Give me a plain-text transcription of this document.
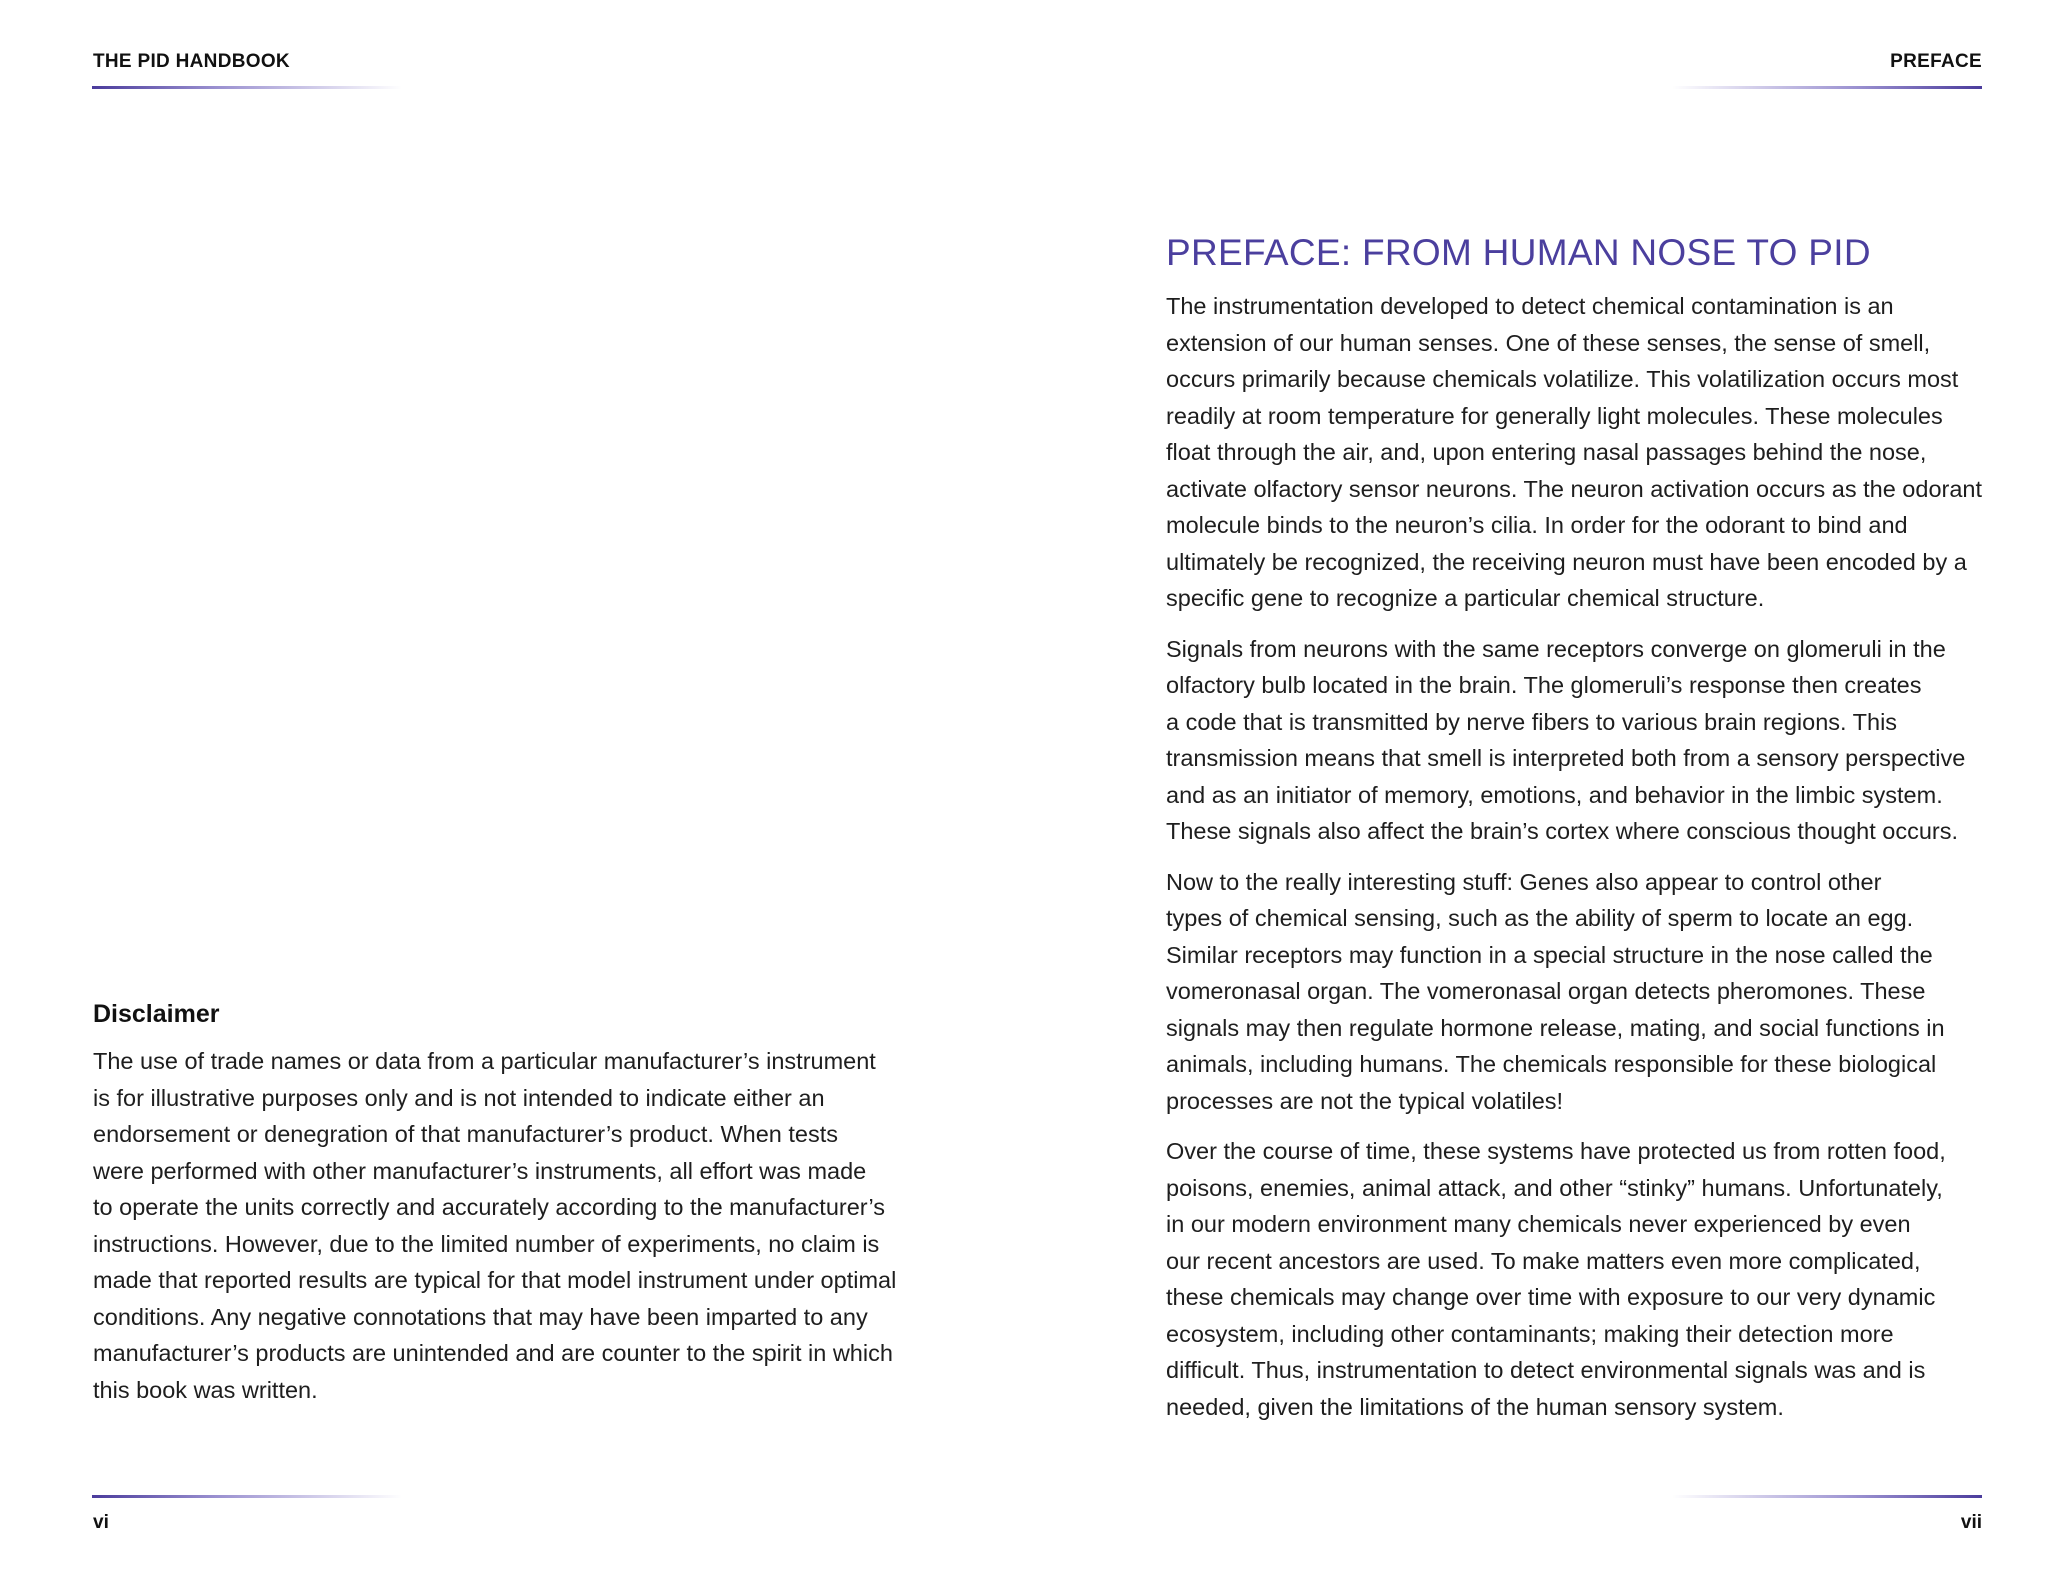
THE PID HANDBOOK
Disclaimer

The use of trade names or data from a particular manufacturer’s instrument
is for illustrative purposes only and is not intended to indicate either an
endorsement or denegration of that manufacturer’s product. When tests
were performed with other manufacturer’s instruments, all effort was made
to operate the units correctly and accurately according to the manufacturer’s
instructions. However, due to the limited number of experiments, no claim is
made that reported results are typical for that model instrument under optimal
conditions. Any negative connotations that may have been imparted to any
manufacturer’s products are unintended and are counter to the spirit in which
this book was written.

vi
PREFACE
PREFACE: FROM HUMAN NOSE TO PID

The instrumentation developed to detect chemical contamination is an
extension of our human senses. One of these senses, the sense of smell,
occurs primarily because chemicals volatilize. This volatilization occurs most
readily at room temperature for generally light molecules. These molecules
float through the air, and, upon entering nasal passages behind the nose,
activate olfactory sensor neurons. The neuron activation occurs as the odorant
molecule binds to the neuron’s cilia. In order for the odorant to bind and
ultimately be recognized, the receiving neuron must have been encoded by a
specific gene to recognize a particular chemical structure.

Signals from neurons with the same receptors converge on glomeruli in the
olfactory bulb located in the brain. The glomeruli’s response then creates
a code that is transmitted by nerve fibers to various brain regions. This
transmission means that smell is interpreted both from a sensory perspective
and as an initiator of memory, emotions, and behavior in the limbic system.
These signals also affect the brain’s cortex where conscious thought occurs.

Now to the really interesting stuff: Genes also appear to control other
types of chemical sensing, such as the ability of sperm to locate an egg.
Similar receptors may function in a special structure in the nose called the
vomeronasal organ. The vomeronasal organ detects pheromones. These
signals may then regulate hormone release, mating, and social functions in
animals, including humans. The chemicals responsible for these biological
processes are not the typical volatiles!

Over the course of time, these systems have protected us from rotten food,
poisons, enemies, animal attack, and other “stinky” humans. Unfortunately,
in our modern environment many chemicals never experienced by even
our recent ancestors are used. To make matters even more complicated,
these chemicals may change over time with exposure to our very dynamic
ecosystem, including other contaminants; making their detection more
difficult. Thus, instrumentation to detect environmental signals was and is
needed, given the limitations of the human sensory system.

vii
